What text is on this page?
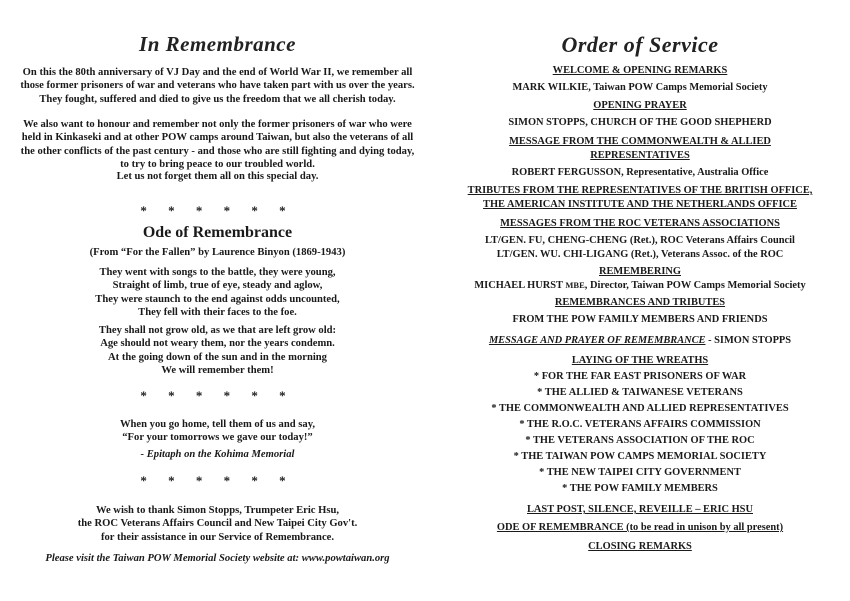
In Remembrance
On this the 80th anniversary of VJ Day and the end of World War II, we remember all those former prisoners of war and veterans who have taken part with us over the years. They fought, suffered and died to give us the freedom that we all cherish today.
We also want to honour and remember not only the former prisoners of war who were held in Kinkaseki and at other POW camps around Taiwan, but also the veterans of all the other conflicts of the past century - and those who are still fighting and dying today, to try to bring peace to our troubled world.
Let us not forget them all on this special day.
* * * * * *
Ode of Remembrance
(From “For the Fallen” by Laurence Binyon (1869-1943)
They went with songs to the battle, they were young,
Straight of limb, true of eye, steady and aglow,
They were staunch to the end against odds uncounted,
They fell with their faces to the foe.
They shall not grow old, as we that are left grow old:
Age should not weary them, nor the years condemn.
At the going down of the sun and in the morning
We will remember them!
* * * * * *
When you go home, tell them of us and say,
“For your tomorrows we gave our today!”
- Epitaph on the Kohima Memorial
* * * * * *
We wish to thank Simon Stopps, Trumpeter Eric Hsu,
the ROC Veterans Affairs Council and New Taipei City Gov't.
for their assistance in our Service of Remembrance.
Please visit the Taiwan POW Memorial Society website at: www.powtaiwan.org
Order of Service
WELCOME & OPENING REMARKS
MARK WILKIE, Taiwan POW Camps Memorial Society
OPENING PRAYER
SIMON STOPPS, CHURCH OF THE GOOD SHEPHERD
MESSAGE FROM THE COMMONWEALTH & ALLIED
REPRESENTATIVES
ROBERT FERGUSSON, Representative, Australia Office
TRIBUTES FROM THE REPRESENTATIVES OF THE BRITISH OFFICE,
THE AMERICAN INSTITUTE AND THE NETHERLANDS OFFICE
MESSAGES FROM THE ROC VETERANS ASSOCIATIONS
LT/GEN. FU, CHENG-CHENG (Ret.), ROC Veterans Affairs Council
LT/GEN. WU. CHI-LIGANG (Ret.), Veterans Assoc. of the ROC
REMEMBERING
MICHAEL HURST MBE, Director, Taiwan POW Camps Memorial Society
REMEMBRANCES AND TRIBUTES
FROM THE POW FAMILY MEMBERS AND FRIENDS
MESSAGE AND PRAYER OF REMEMBRANCE - SIMON STOPPS
LAYING OF THE WREATHS
* FOR THE FAR EAST PRISONERS OF WAR
* THE ALLIED & TAIWANESE VETERANS
* THE COMMONWEALTH AND ALLIED REPRESENTATIVES
* THE R.O.C. VETERANS AFFAIRS COMMISSION
* THE VETERANS ASSOCIATION OF THE ROC
* THE TAIWAN POW CAMPS MEMORIAL SOCIETY
* THE NEW TAIPEI CITY GOVERNMENT
* THE POW FAMILY MEMBERS
LAST POST, SILENCE, REVEILLE – ERIC HSU
ODE OF REMEMBRANCE (to be read in unison by all present)
CLOSING REMARKS
